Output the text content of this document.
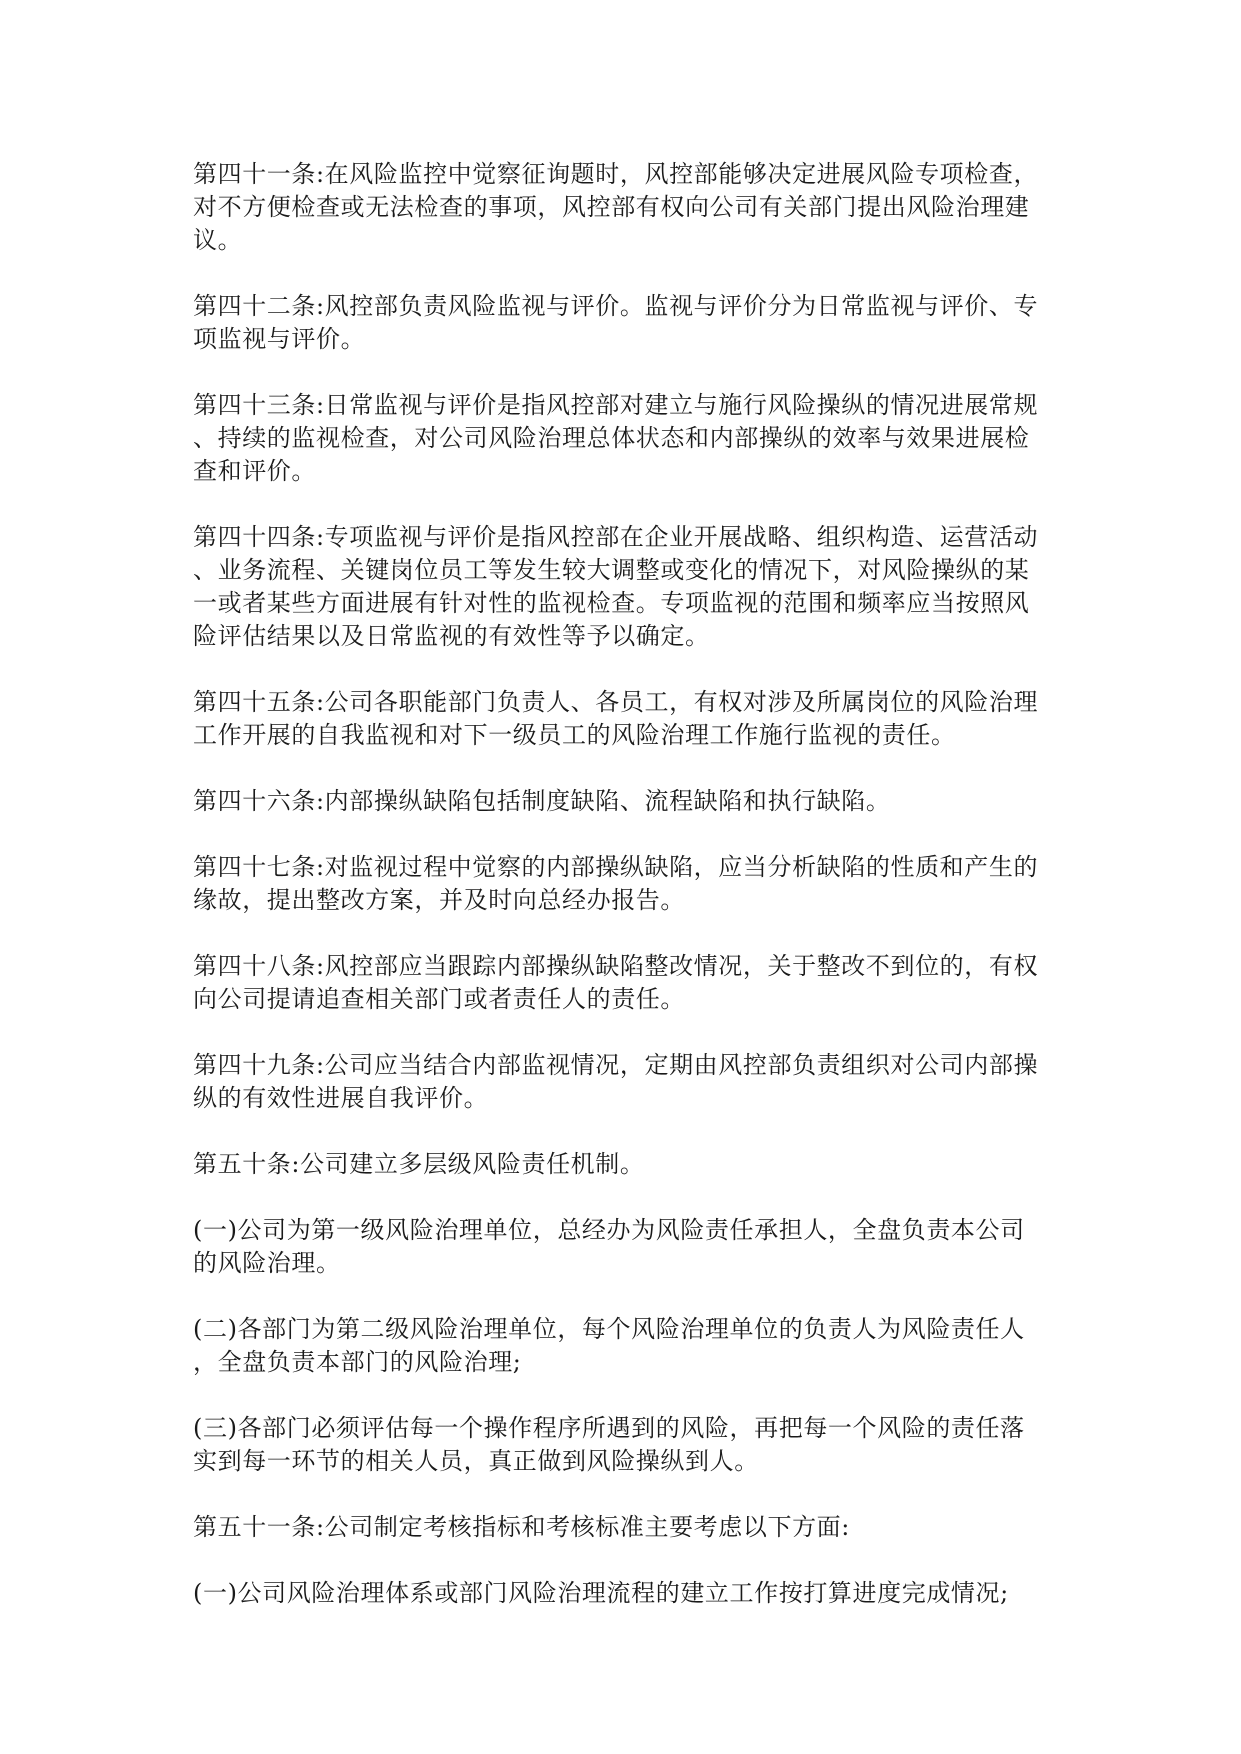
第四十一条:在风险监控中觉察征询题时，风控部能够决定进展风险专项检查，
对不方便检查或无法检查的事项，风控部有权向公司有关部门提出风险治理建
议。

第四十二条:风控部负责风险监视与评价。监视与评价分为日常监视与评价、专
项监视与评价。

第四十三条:日常监视与评价是指风控部对建立与施行风险操纵的情况进展常规
、持续的监视检查，对公司风险治理总体状态和内部操纵的效率与效果进展检
查和评价。

第四十四条:专项监视与评价是指风控部在企业开展战略、组织构造、运营活动
、业务流程、关键岗位员工等发生较大调整或变化的情况下，对风险操纵的某
一或者某些方面进展有针对性的监视检查。专项监视的范围和频率应当按照风
险评估结果以及日常监视的有效性等予以确定。

第四十五条:公司各职能部门负责人、各员工，有权对涉及所属岗位的风险治理
工作开展的自我监视和对下一级员工的风险治理工作施行监视的责任。

第四十六条:内部操纵缺陷包括制度缺陷、流程缺陷和执行缺陷。

第四十七条:对监视过程中觉察的内部操纵缺陷，应当分析缺陷的性质和产生的
缘故，提出整改方案，并及时向总经办报告。

第四十八条:风控部应当跟踪内部操纵缺陷整改情况，关于整改不到位的，有权
向公司提请追查相关部门或者责任人的责任。

第四十九条:公司应当结合内部监视情况，定期由风控部负责组织对公司内部操
纵的有效性进展自我评价。

第五十条:公司建立多层级风险责任机制。

(一)公司为第一级风险治理单位，总经办为风险责任承担人，全盘负责本公司
的风险治理。

(二)各部门为第二级风险治理单位，每个风险治理单位的负责人为风险责任人
，全盘负责本部门的风险治理;

(三)各部门必须评估每一个操作程序所遇到的风险，再把每一个风险的责任落
实到每一环节的相关人员，真正做到风险操纵到人。

第五十一条:公司制定考核指标和考核标准主要考虑以下方面:

(一)公司风险治理体系或部门风险治理流程的建立工作按打算进度完成情况;
